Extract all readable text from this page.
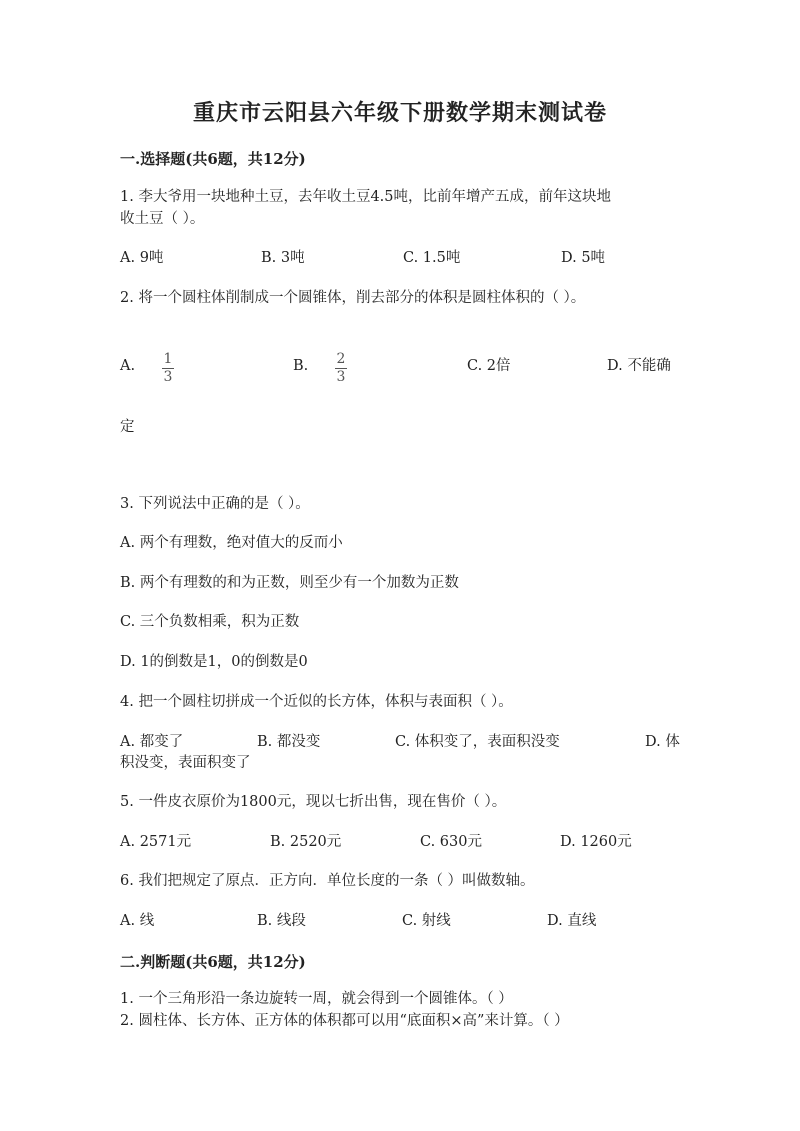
重庆市云阳县六年级下册数学期末测试卷
一.选择题(共6题，共12分)
1. 李大爷用一块地种土豆，去年收土豆4.5吨，比前年增产五成，前年这块地
收土豆（ ）。
A. 9吨	B. 3吨	C. 1.5吨	D. 5吨
2. 将一个圆柱体削制成一个圆锥体，削去部分的体积是圆柱体积的（ ）。
A. 1
3
B. 2
3
C. 2倍	D. 不能确
定
3. 下列说法中正确的是（ ）。
A. 两个有理数，绝对值大的反而小
B. 两个有理数的和为正数，则至少有一个加数为正数
C. 三个负数相乘，积为正数
D. 1的倒数是1，0的倒数是0
4. 把一个圆柱切拼成一个近似的长方体，体积与表面积（ ）。
A. 都变了	B. 都没变	C. 体积变了，表面积没变	D. 体
积没变，表面积变了
5. 一件皮衣原价为1800元，现以七折出售，现在售价（ ）。
A. 2571元	B. 2520元	C. 630元	D. 1260元
6. 我们把规定了原点．正方向．单位长度的一条（ ）叫做数轴。
A. 线	B. 线段	C. 射线	D. 直线
二.判断题(共6题，共12分)
1. 一个三角形沿一条边旋转一周，就会得到一个圆锥体。（ ）
2. 圆柱体、长方体、正方体的体积都可以用“底面积×高”来计算。（ ）
